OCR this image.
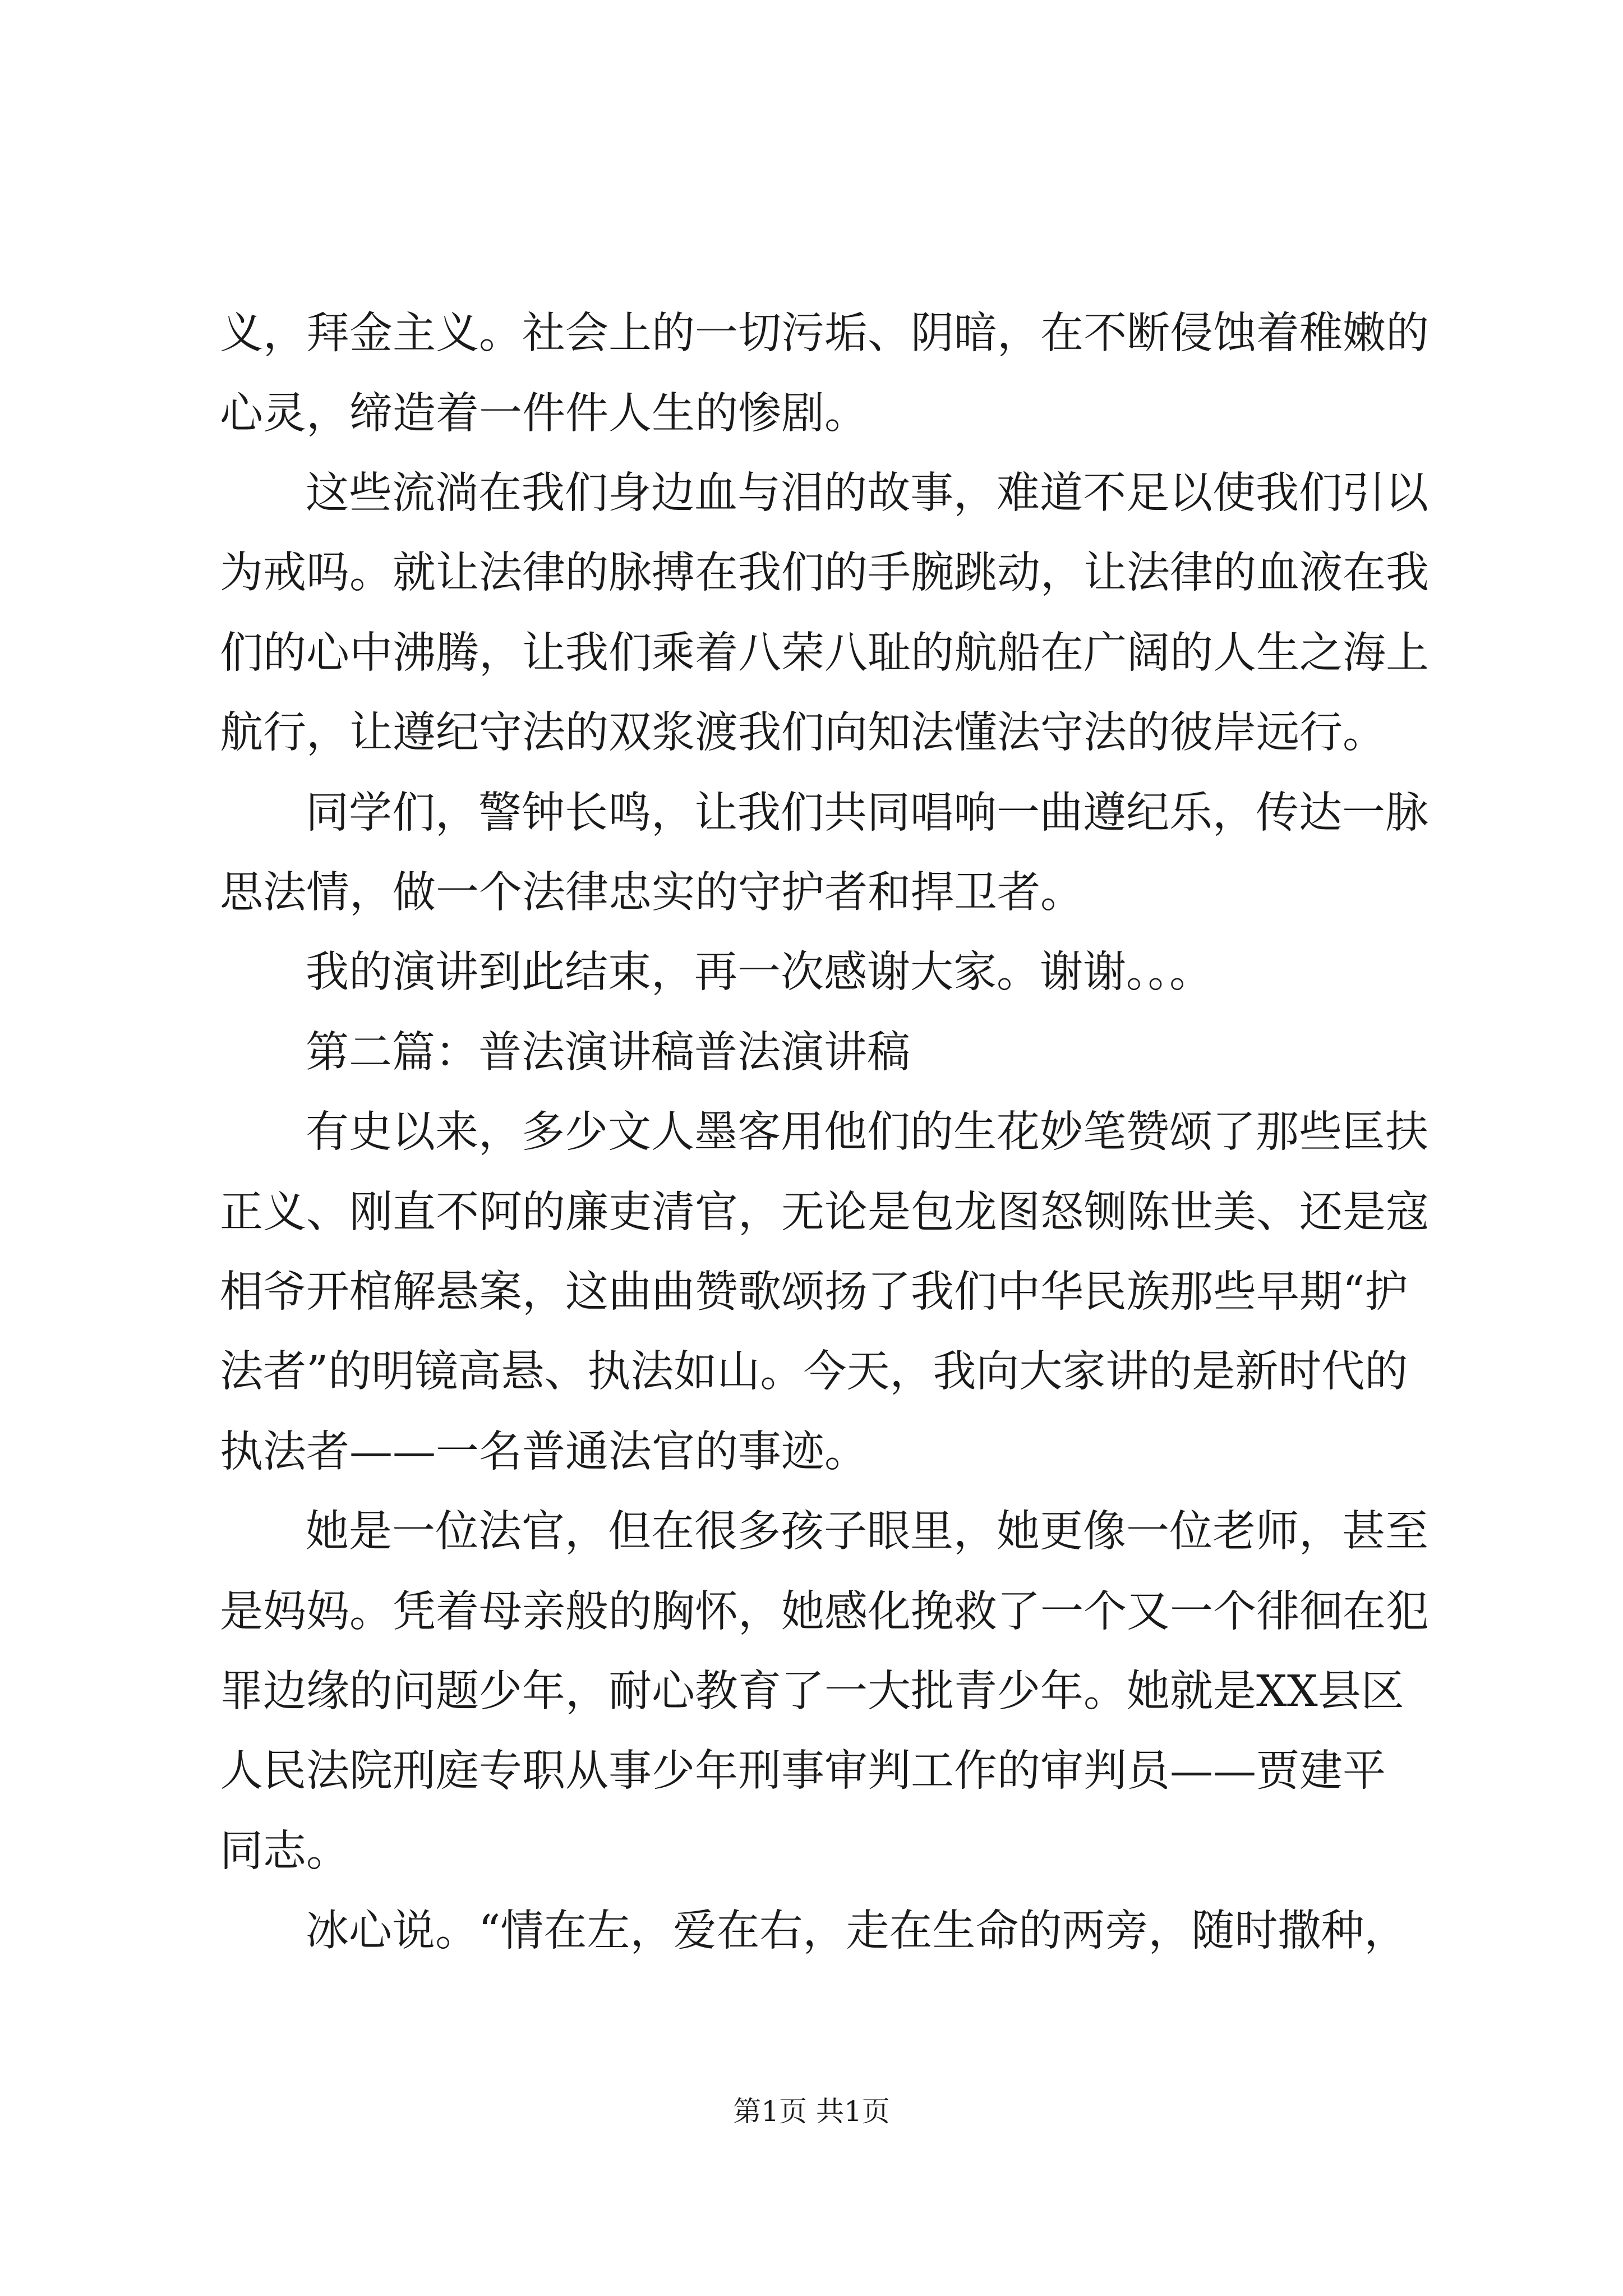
义，拜金主义。社会上的一切污垢、阴暗，在不断侵蚀着稚嫩的

心灵，缔造着一件件人生的惨剧。

这些流淌在我们身边血与泪的故事，难道不足以使我们引以

为戒吗。就让法律的脉搏在我们的手腕跳动，让法律的血液在我

们的心中沸腾，让我们乘着八荣八耻的航船在广阔的人生之海上

航行，让遵纪守法的双浆渡我们向知法懂法守法的彼岸远行。

同学们，警钟长鸣，让我们共同唱响一曲遵纪乐，传达一脉

思法情，做一个法律忠实的守护者和捍卫者。

我的演讲到此结束，再一次感谢大家。谢谢。。。

第二篇：普法演讲稿普法演讲稿

有史以来，多少文人墨客用他们的生花妙笔赞颂了那些匡扶

正义、刚直不阿的廉吏清官，无论是包龙图怒铡陈世美、还是寇

相爷开棺解悬案，这曲曲赞歌颂扬了我们中华民族那些早期“护

法者”的明镜高悬、执法如山。今天，我向大家讲的是新时代的

执法者——一名普通法官的事迹。

她是一位法官，但在很多孩子眼里，她更像一位老师，甚至

是妈妈。凭着母亲般的胸怀，她感化挽救了一个又一个徘徊在犯

罪边缘的问题少年，耐心教育了一大批青少年。她就是XX县区

人民法院刑庭专职从事少年刑事审判工作的审判员——贾建平

同志。

冰心说。“情在左，爱在右，走在生命的两旁，随时撒种，

第1页 共1页
